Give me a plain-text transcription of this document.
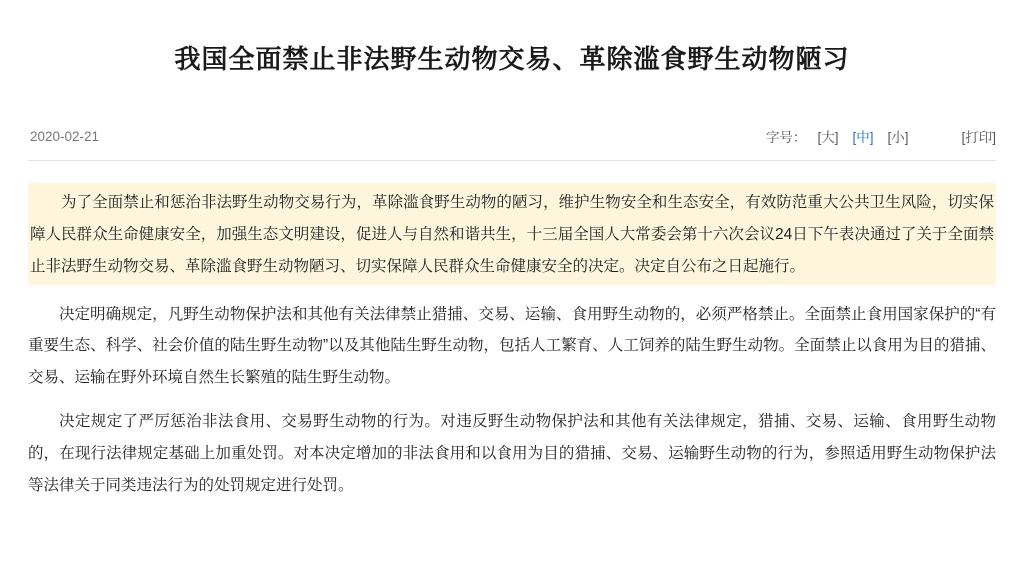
我国全面禁止非法野生动物交易、革除滥食野生动物陋习
2020-02-21	字号： [大] [中] [小]	[打印]

为了全面禁止和惩治非法野生动物交易行为，革除滥食野生动物的陋习，维护生物安全和生态安全，有效防范重大公共卫生风险，切实保障人民群众生命健康安全，加强生态文明建设，促进人与自然和谐共生，十三届全国人大常委会第十六次会议24日下午表决通过了关于全面禁止非法野生动物交易、革除滥食野生动物陋习、切实保障人民群众生命健康安全的决定。决定自公布之日起施行。

决定明确规定，凡野生动物保护法和其他有关法律禁止猎捕、交易、运输、食用野生动物的，必须严格禁止。全面禁止食用国家保护的“有重要生态、科学、社会价值的陆生野生动物”以及其他陆生野生动物，包括人工繁育、人工饲养的陆生野生动物。全面禁止以食用为目的猎捕、交易、运输在野外环境自然生长繁殖的陆生野生动物。

决定规定了严厉惩治非法食用、交易野生动物的行为。对违反野生动物保护法和其他有关法律规定，猎捕、交易、运输、食用野生动物的，在现行法律规定基础上加重处罚。对本决定增加的非法食用和以食用为目的猎捕、交易、运输野生动物的行为，参照适用野生动物保护法等法律关于同类违法行为的处罚规定进行处罚。
